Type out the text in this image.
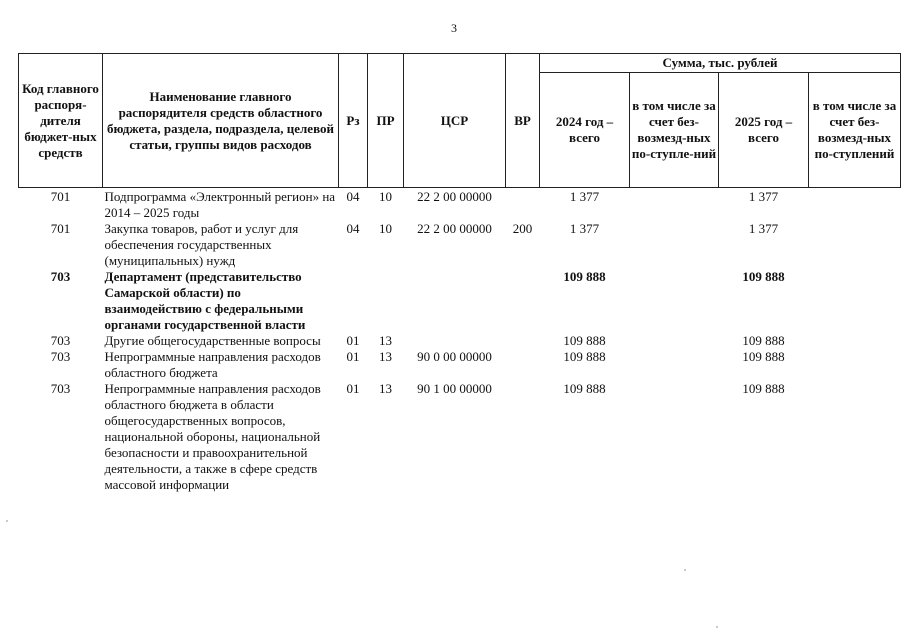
3
Код главного распоря-дителя бюджет-ных средств	Наименование главного распорядителя средств областного бюджета, раздела, подраздела, целевой статьи, группы видов расходов	Рз	ПР	ЦСР	ВР	Сумма, тыс. рублей			
						2024 год – всего	в том числе за счет без-возмезд-ных по-ступле-ний	2025 год – всего	в том числе за счет без-возмезд-ных по-ступлений
701	Подпрограмма «Электронный регион» на 2014 – 2025 годы	04	10	22 2 00 00000		1 377		1 377	
701	Закупка товаров, работ и услуг для обеспечения государственных (муниципальных) нужд	04	10	22 2 00 00000	200	1 377		1 377	
703	Департамент (представительство Самарской области) по взаимодействию с федеральными органами государственной власти					109 888		109 888	
703	Другие общегосударственные вопросы	01	13			109 888		109 888	
703	Непрограммные направления расходов областного бюджета	01	13	90 0 00 00000		109 888		109 888	
703	Непрограммные направления расходов областного бюджета в области общегосударственных вопросов, национальной обороны, национальной безопасности и правоохранительной деятельности, а также в сфере средств массовой информации	01	13	90 1 00 00000		109 888		109 888	
